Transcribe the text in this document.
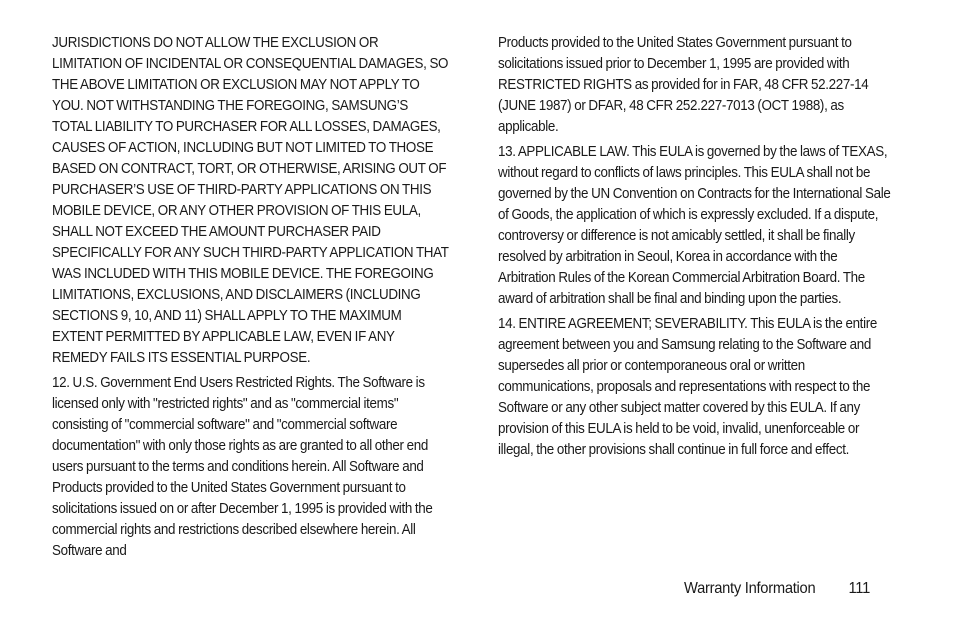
JURISDICTIONS DO NOT ALLOW THE EXCLUSION OR LIMITATION OF INCIDENTAL OR CONSEQUENTIAL DAMAGES, SO THE ABOVE LIMITATION OR EXCLUSION MAY NOT APPLY TO YOU. NOT WITHSTANDING THE FOREGOING, SAMSUNG’S TOTAL LIABILITY TO PURCHASER FOR ALL LOSSES, DAMAGES, CAUSES OF ACTION, INCLUDING BUT NOT LIMITED TO THOSE BASED ON CONTRACT, TORT, OR OTHERWISE, ARISING OUT OF PURCHASER’S USE OF THIRD-PARTY APPLICATIONS ON THIS MOBILE DEVICE, OR ANY OTHER PROVISION OF THIS EULA, SHALL NOT EXCEED THE AMOUNT PURCHASER PAID SPECIFICALLY FOR ANY SUCH THIRD-PARTY APPLICATION THAT WAS INCLUDED WITH THIS MOBILE DEVICE. THE FOREGOING LIMITATIONS, EXCLUSIONS, AND DISCLAIMERS (INCLUDING SECTIONS 9, 10, AND 11) SHALL APPLY TO THE MAXIMUM EXTENT PERMITTED BY APPLICABLE LAW, EVEN IF ANY REMEDY FAILS ITS ESSENTIAL PURPOSE.

12. U.S. Government End Users Restricted Rights. The Software is licensed only with "restricted rights" and as "commercial items" consisting of "commercial software" and "commercial software documentation" with only those rights as are granted to all other end users pursuant to the terms and conditions herein. All Software and Products provided to the United States Government pursuant to solicitations issued on or after December 1, 1995 is provided with the commercial rights and restrictions described elsewhere herein. All Software and

Products provided to the United States Government pursuant to solicitations issued prior to December 1, 1995 are provided with RESTRICTED RIGHTS as provided for in FAR, 48 CFR 52.227-14 (JUNE 1987) or DFAR, 48 CFR 252.227-7013 (OCT 1988), as applicable.

13. APPLICABLE LAW. This EULA is governed by the laws of TEXAS, without regard to conflicts of laws principles. This EULA shall not be governed by the UN Convention on Contracts for the International Sale of Goods, the application of which is expressly excluded. If a dispute, controversy or difference is not amicably settled, it shall be finally resolved by arbitration in Seoul, Korea in accordance with the Arbitration Rules of the Korean Commercial Arbitration Board. The award of arbitration shall be final and binding upon the parties.

14. ENTIRE AGREEMENT; SEVERABILITY. This EULA is the entire agreement between you and Samsung relating to the Software and supersedes all prior or contemporaneous oral or written communications, proposals and representations with respect to the Software or any other subject matter covered by this EULA. If any provision of this EULA is held to be void, invalid, unenforceable or illegal, the other provisions shall continue in full force and effect.

Warranty Information 111
